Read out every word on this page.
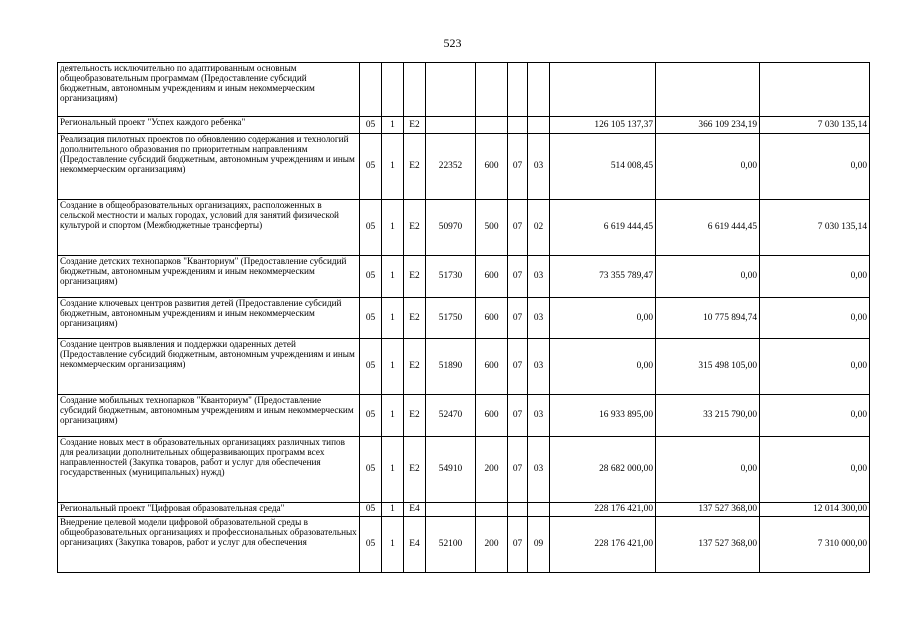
523
деятельность исключительно по адаптированным основным общеобразовательным программам (Предоставление субсидий бюджетным, автономным учреждениям и иным некоммерческим организациям)										
Региональный проект "Успех каждого ребенка"	05	1	E2					126 105 137,37	366 109 234,19	7 030 135,14
Реализация пилотных проектов по обновлению содержания и технологий дополнительного образования по приоритетным направлениям (Предоставление субсидий бюджетным, автономным учреждениям и иным некоммерческим организациям)	05	1	E2	22352	600	07	03	514 008,45	0,00	0,00
Создание в общеобразовательных организациях, расположенных в сельской местности и малых городах, условий для занятий физической культурой и спортом (Межбюджетные трансферты)	05	1	E2	50970	500	07	02	6 619 444,45	6 619 444,45	7 030 135,14
Создание детских технопарков "Кванториум" (Предоставление субсидий бюджетным, автономным учреждениям и иным некоммерческим организациям)	05	1	E2	51730	600	07	03	73 355 789,47	0,00	0,00
Создание ключевых центров развития детей (Предоставление субсидий бюджетным, автономным учреждениям и иным некоммерческим организациям)	05	1	E2	51750	600	07	03	0,00	10 775 894,74	0,00
Создание центров выявления и поддержки одаренных детей (Предоставление субсидий бюджетным, автономным учреждениям и иным некоммерческим организациям)	05	1	E2	51890	600	07	03	0,00	315 498 105,00	0,00
Создание мобильных технопарков "Кванториум" (Предоставление субсидий бюджетным, автономным учреждениям и иным некоммерческим организациям)	05	1	E2	52470	600	07	03	16 933 895,00	33 215 790,00	0,00
Создание новых мест в образовательных организациях различных типов для реализации дополнительных общеразвивающих программ всех направленностей (Закупка товаров, работ и услуг для обеспечения государственных (муниципальных) нужд)	05	1	E2	54910	200	07	03	28 682 000,00	0,00	0,00
Региональный проект "Цифровая образовательная среда"	05	1	E4					228 176 421,00	137 527 368,00	12 014 300,00
Внедрение целевой модели цифровой образовательной среды в общеобразовательных организациях и профессиональных образовательных организациях (Закупка товаров, работ и услуг для обеспечения	05	1	E4	52100	200	07	09	228 176 421,00	137 527 368,00	7 310 000,00
